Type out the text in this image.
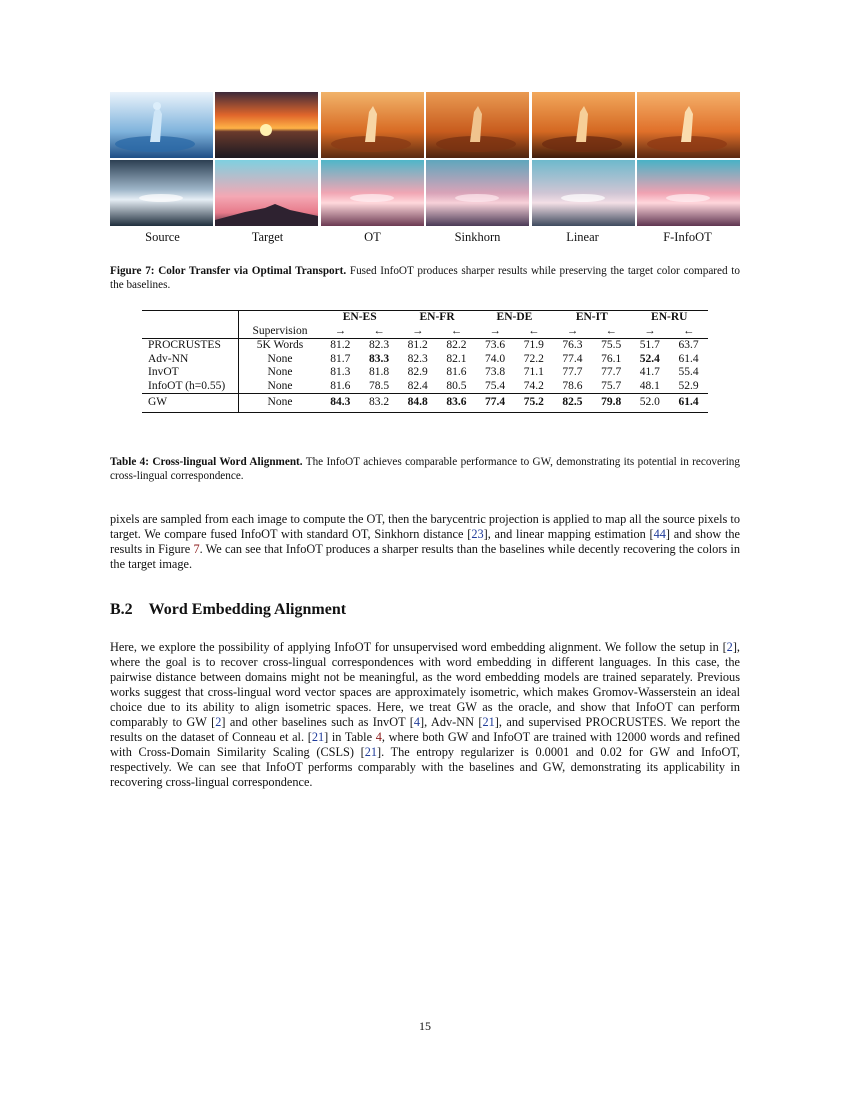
Source	Target	OT	Sinkhorn	Linear	F-InfoOT
Figure 7: Color Transfer via Optimal Transport. Fused InfoOT produces sharper results while preserving the target color compared to the baselines.
		EN-ES		EN-FR		EN-DE		EN-IT		EN-RU	
	Supervision	→	←	→	←	→	←	→	←	→	←
PROCRUSTES	5K Words	81.2	82.3	81.2	82.2	73.6	71.9	76.3	75.5	51.7	63.7
Adv-NN	None	81.7	83.3	82.3	82.1	74.0	72.2	77.4	76.1	52.4	61.4
InvOT	None	81.3	81.8	82.9	81.6	73.8	71.1	77.7	77.7	41.7	55.4
InfoOT (h=0.55)	None	81.6	78.5	82.4	80.5	75.4	74.2	78.6	75.7	48.1	52.9
GW	None	84.3	83.2	84.8	83.6	77.4	75.2	82.5	79.8	52.0	61.4
Table 4: Cross-lingual Word Alignment. The InfoOT achieves comparable performance to GW, demonstrating its potential in recovering cross-lingual correspondence.
pixels are sampled from each image to compute the OT, then the barycentric projection is applied to map all the source pixels to target. We compare fused InfoOT with standard OT, Sinkhorn distance [23], and linear mapping estimation [44] and show the results in Figure 7. We can see that InfoOT produces a sharper results than the baselines while decently recovering the colors in the target image.
B.2 Word Embedding Alignment
Here, we explore the possibility of applying InfoOT for unsupervised word embedding alignment. We follow the setup in [2], where the goal is to recover cross-lingual correspondences with word embedding in different languages. In this case, the pairwise distance between domains might not be meaningful, as the word embedding models are trained separately. Previous works suggest that cross-lingual word vector spaces are approximately isometric, which makes Gromov-Wasserstein an ideal choice due to its ability to align isometric spaces. Here, we treat GW as the oracle, and show that InfoOT can perform comparably to GW [2] and other baselines such as InvOT [4], Adv-NN [21], and supervised PROCRUSTES. We report the results on the dataset of Conneau et al. [21] in Table 4, where both GW and InfoOT are trained with 12000 words and refined with Cross-Domain Similarity Scaling (CSLS) [21]. The entropy regularizer is 0.0001 and 0.02 for GW and InfoOT, respectively. We can see that InfoOT performs comparably with the baselines and GW, demonstrating its applicability in recovering cross-lingual correspondence.
15
